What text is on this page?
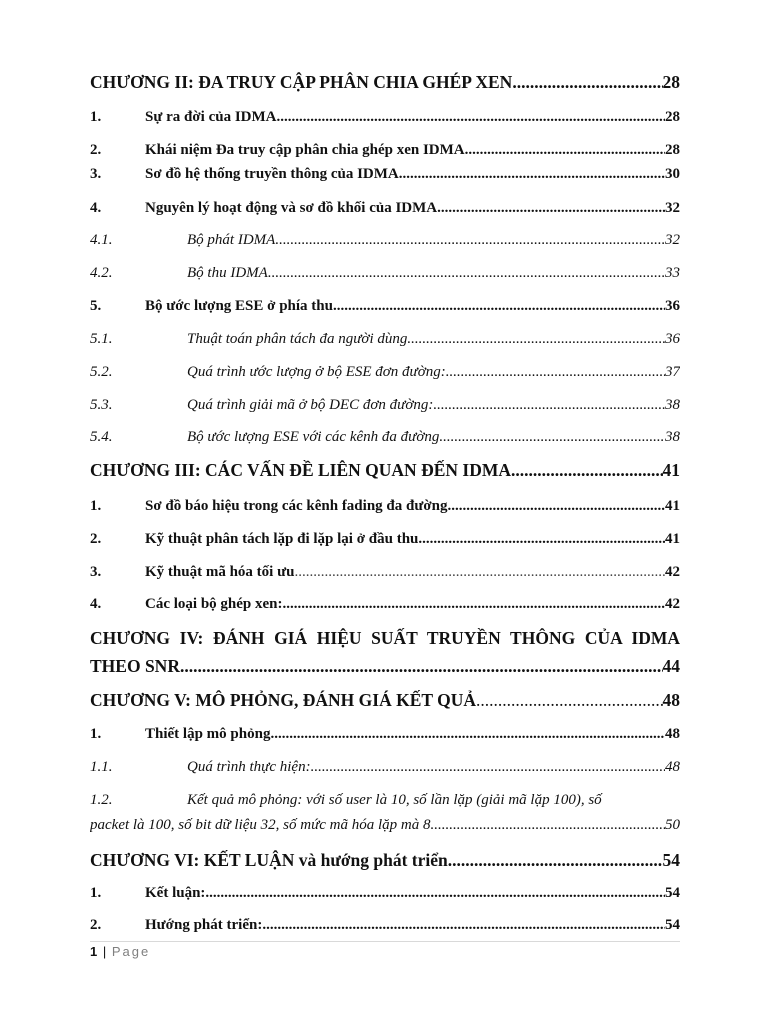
CHƯƠNG II: ĐA TRUY CẬP PHÂN CHIA GHÉP XEN .....	28
1.	Sự ra đời của IDMA .....	28
2.	Khái niệm Đa truy cập phân chia ghép xen IDMA .....	28
3.	Sơ đồ hệ thống truyền thông của IDMA .....	30
4.	Nguyên lý hoạt động và sơ đồ khối của IDMA .....	32
4.1.	Bộ phát IDMA .....	32
4.2.	Bộ thu IDMA .....	33
5.	Bộ ước lượng ESE ở phía thu .....	36
5.1.	Thuật toán phân tách đa người dùng .....	36
5.2.	Quá trình ước lượng ở bộ ESE đơn đường: .....	37
5.3.	Quá trình giải mã ở bộ DEC đơn đường: .....	38
5.4.	Bộ ước lượng ESE với các kênh đa đường .....	38
CHƯƠNG III: CÁC VẤN ĐỀ LIÊN QUAN ĐẾN IDMA .....	41
1.	Sơ đồ báo hiệu trong các kênh fading đa đường .....	41
2.	Kỹ thuật phân tách lặp đi lặp lại ở đầu thu .....	41
3.	Kỹ thuật mã hóa tối ưu .....	42
4.	Các loại bộ ghép xen: .....	42
CHƯƠNG IV: ĐÁNH GIÁ HIỆU SUẤT TRUYỀN THÔNG CỦA IDMA
THEO SNR .....	44
CHƯƠNG V: MÔ PHỎNG, ĐÁNH GIÁ KẾT QUẢ .....	48
1.	Thiết lập mô phỏng .....	48
1.1.	Quá trình thực hiện: .....	48
1.2.	Kết quả mô phỏng: với số user là 10, số lần lặp (giải mã lặp 100), số
packet là 100, số bit dữ liệu 32, số mức mã hóa lặp mà 8 .....	50
CHƯƠNG VI: KẾT LUẬN và hướng phát triển .....	54
1.	Kết luận: .....	54
2.	Hướng phát triển: .....	54
1 | Page
